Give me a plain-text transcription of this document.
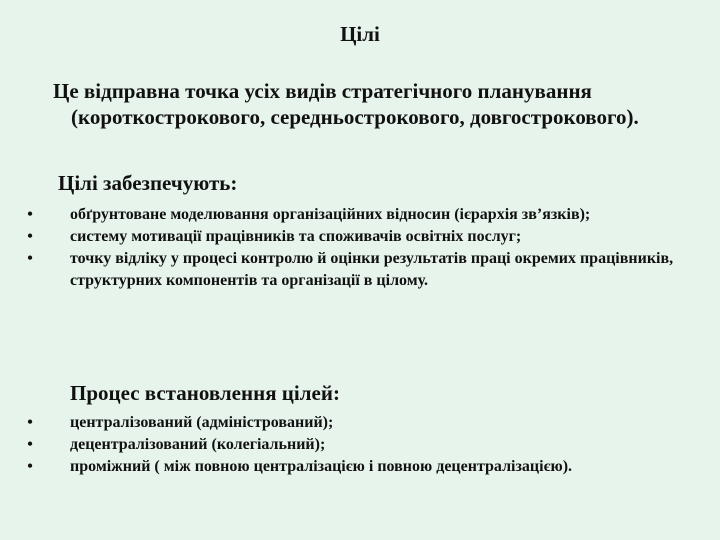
Цілі
Це відправна точка усіх видів стратегічного планування (короткострокового, середньострокового, довгострокового).
Цілі забезпечують:
•	обґрунтоване моделювання організаційних відносин (ієрархія зв’язків);
•	систему мотивації працівників та споживачів освітніх послуг;
•	точку відліку у процесі контролю й оцінки результатів праці окремих працівників, структурних компонентів та організації в цілому.
Процес встановлення цілей:
•	централізований (адміністрований);
•	децентралізований (колегіальний);
•	проміжний ( між повною централізацією і повною децентралізацією).
